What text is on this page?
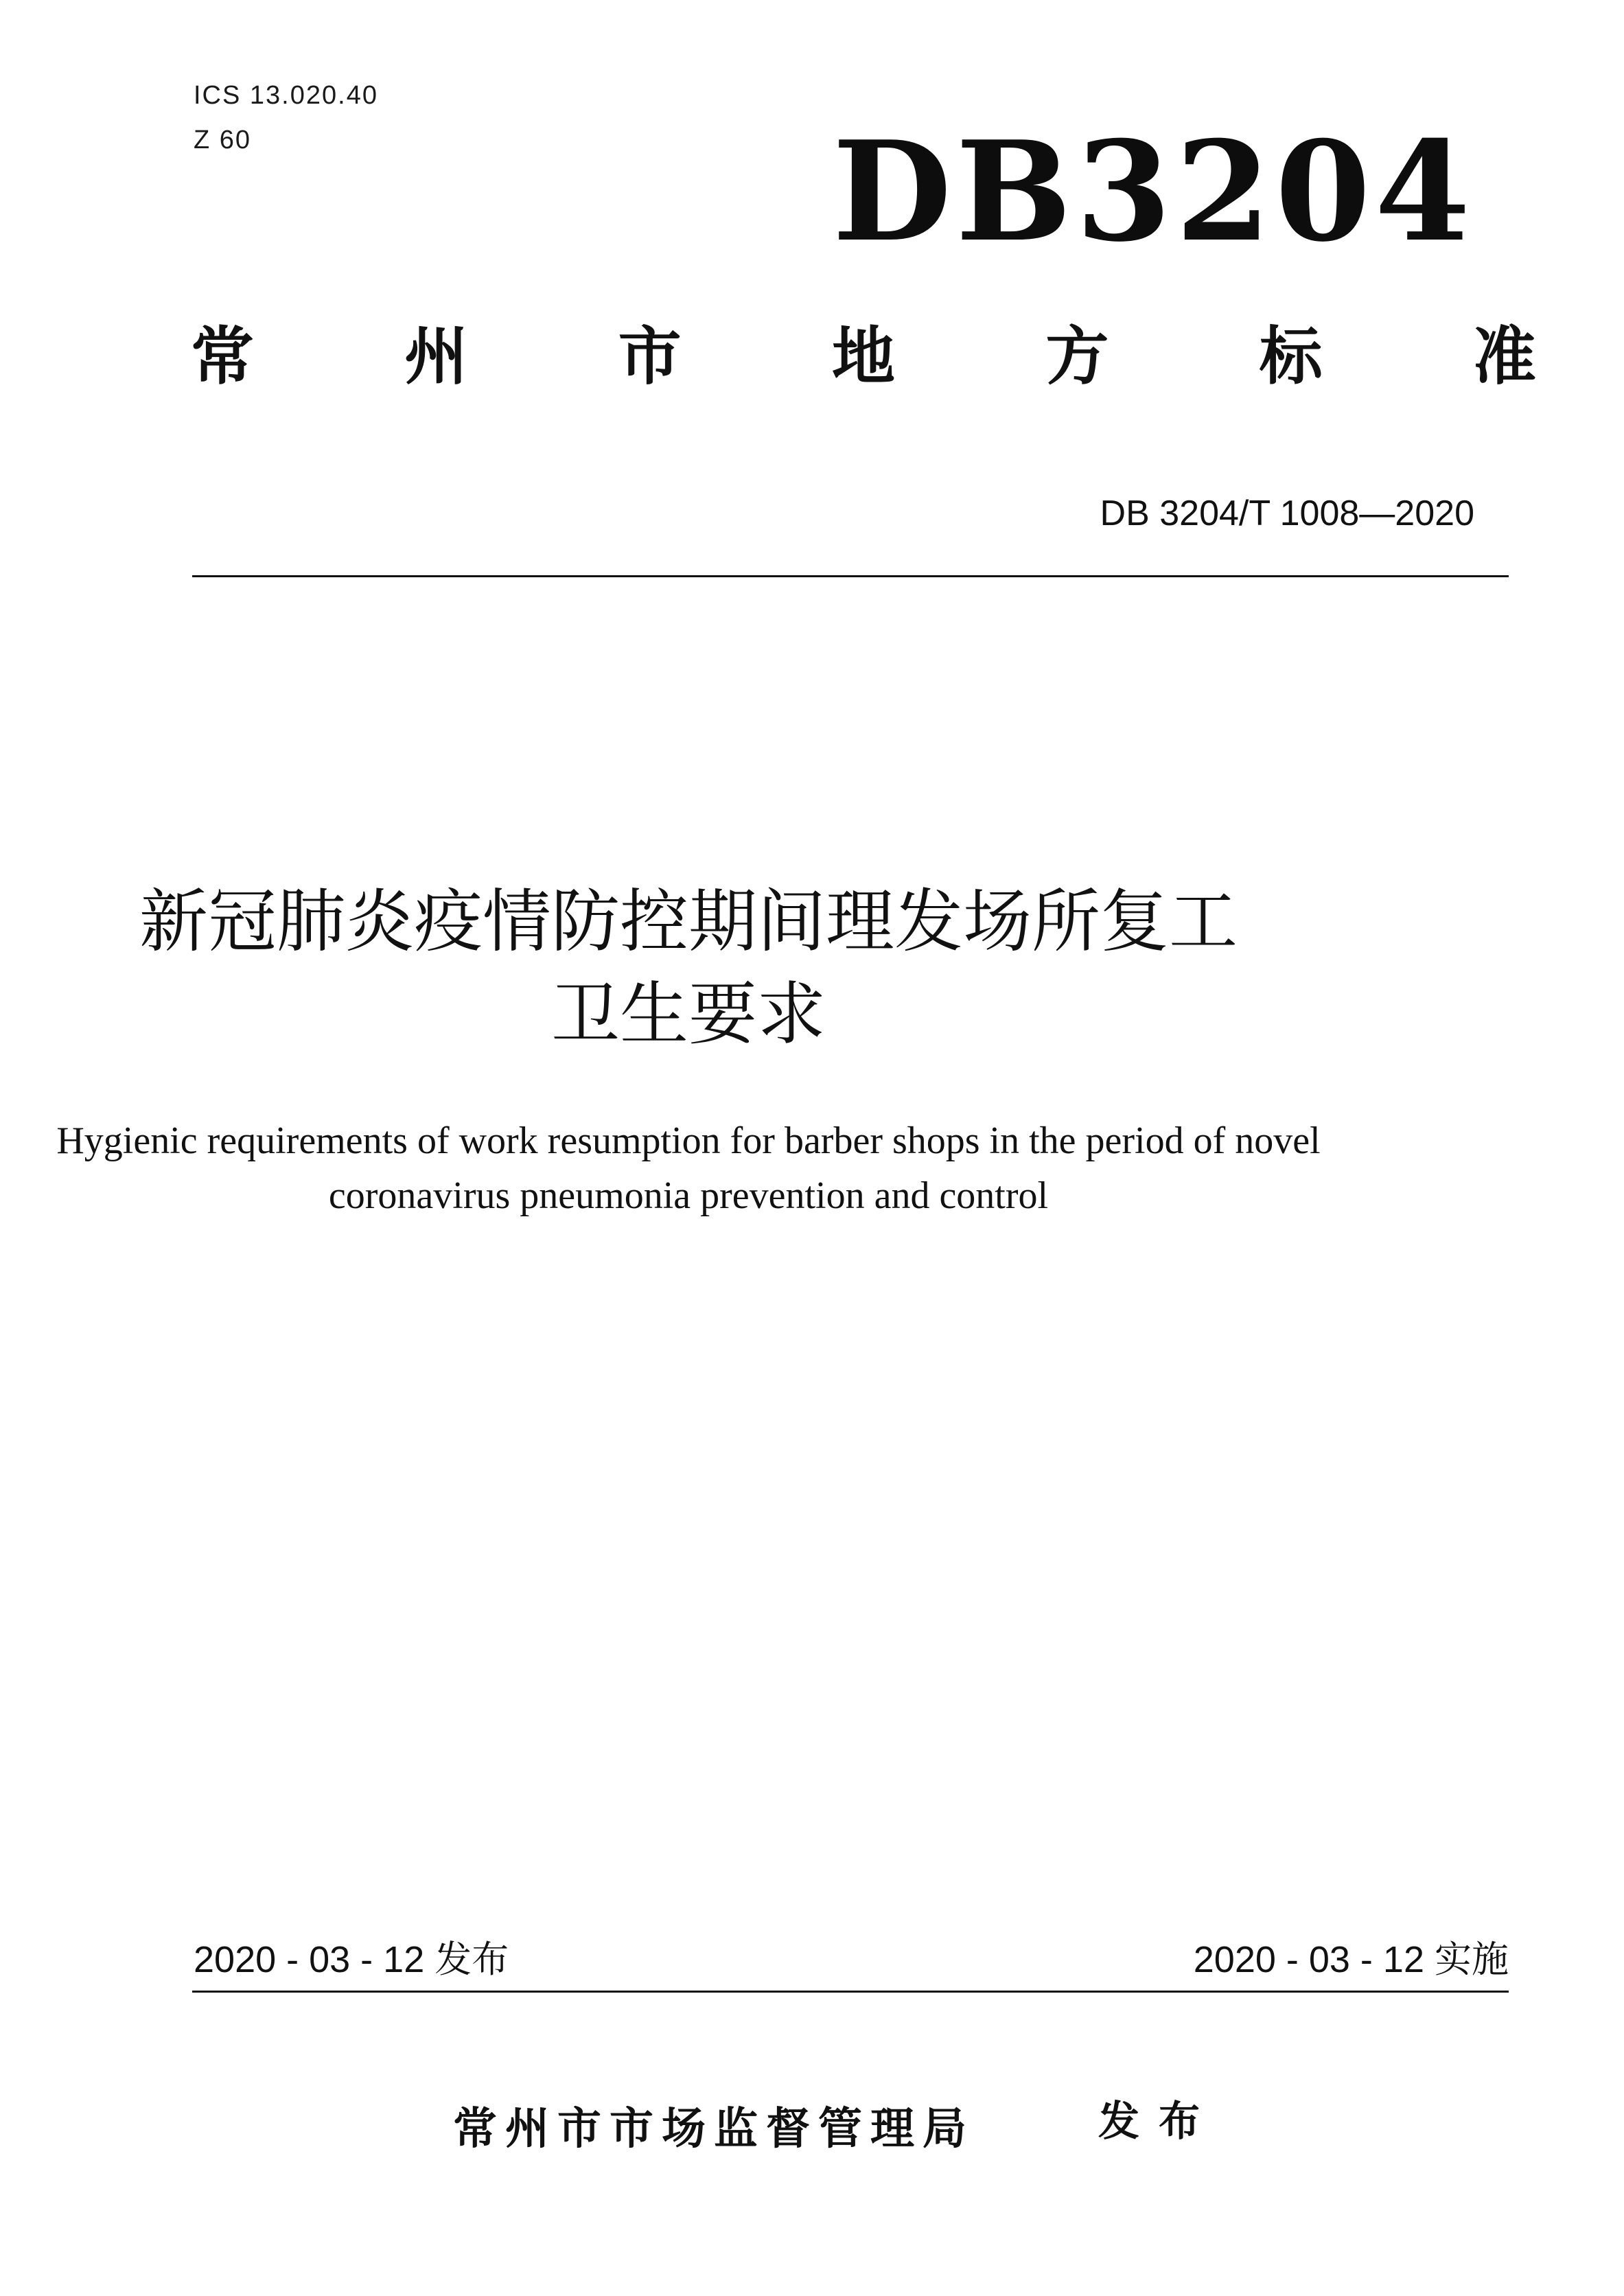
ICS 13.020.40
Z 60	DB3204
常 州 市 地 方 标 准
DB 3204/T 1008—2020
新冠肺炎疫情防控期间理发场所复工
卫生要求
Hygienic requirements of work resumption for barber shops in the period of novel
coronavirus pneumonia prevention and control
2020 - 03 - 12 发布	2020 - 03 - 12 实施
常州市市场监督管理局	发布
